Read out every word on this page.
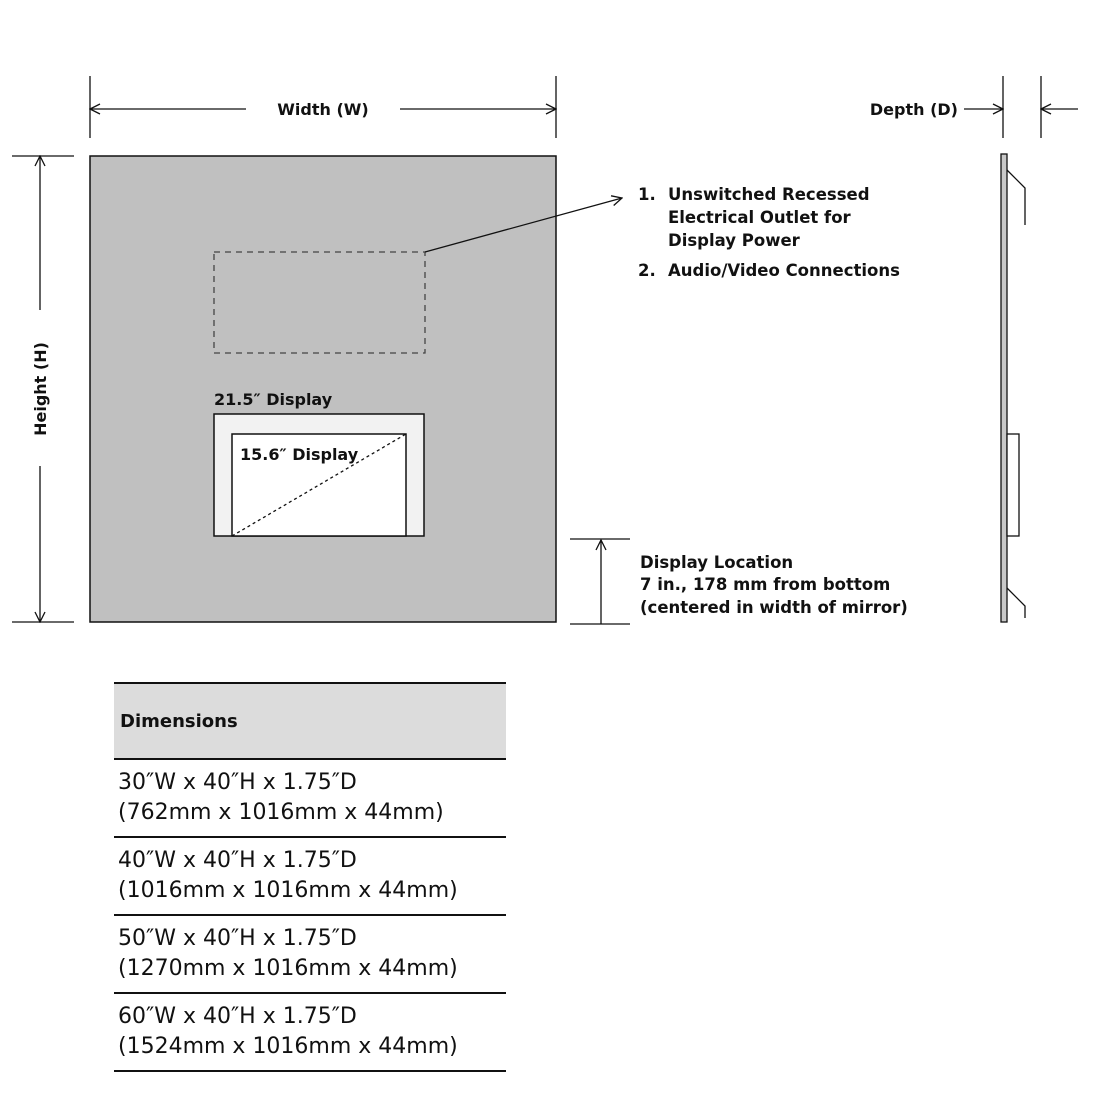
Width (W)	Depth (D)
Height (H)
1. Unswitched Recessed
Electrical Outlet for
Display Power
2. Audio/Video Connections
21.5″ Display
15.6″ Display
Display Location
7 in., 178 mm from bottom
(centered in width of mirror)
Dimensions

30″W x 40″H x 1.75″D
(762mm x 1016mm x 44mm)

40″W x 40″H x 1.75″D
(1016mm x 1016mm x 44mm)

50″W x 40″H x 1.75″D
(1270mm x 1016mm x 44mm)

60″W x 40″H x 1.75″D
(1524mm x 1016mm x 44mm)
